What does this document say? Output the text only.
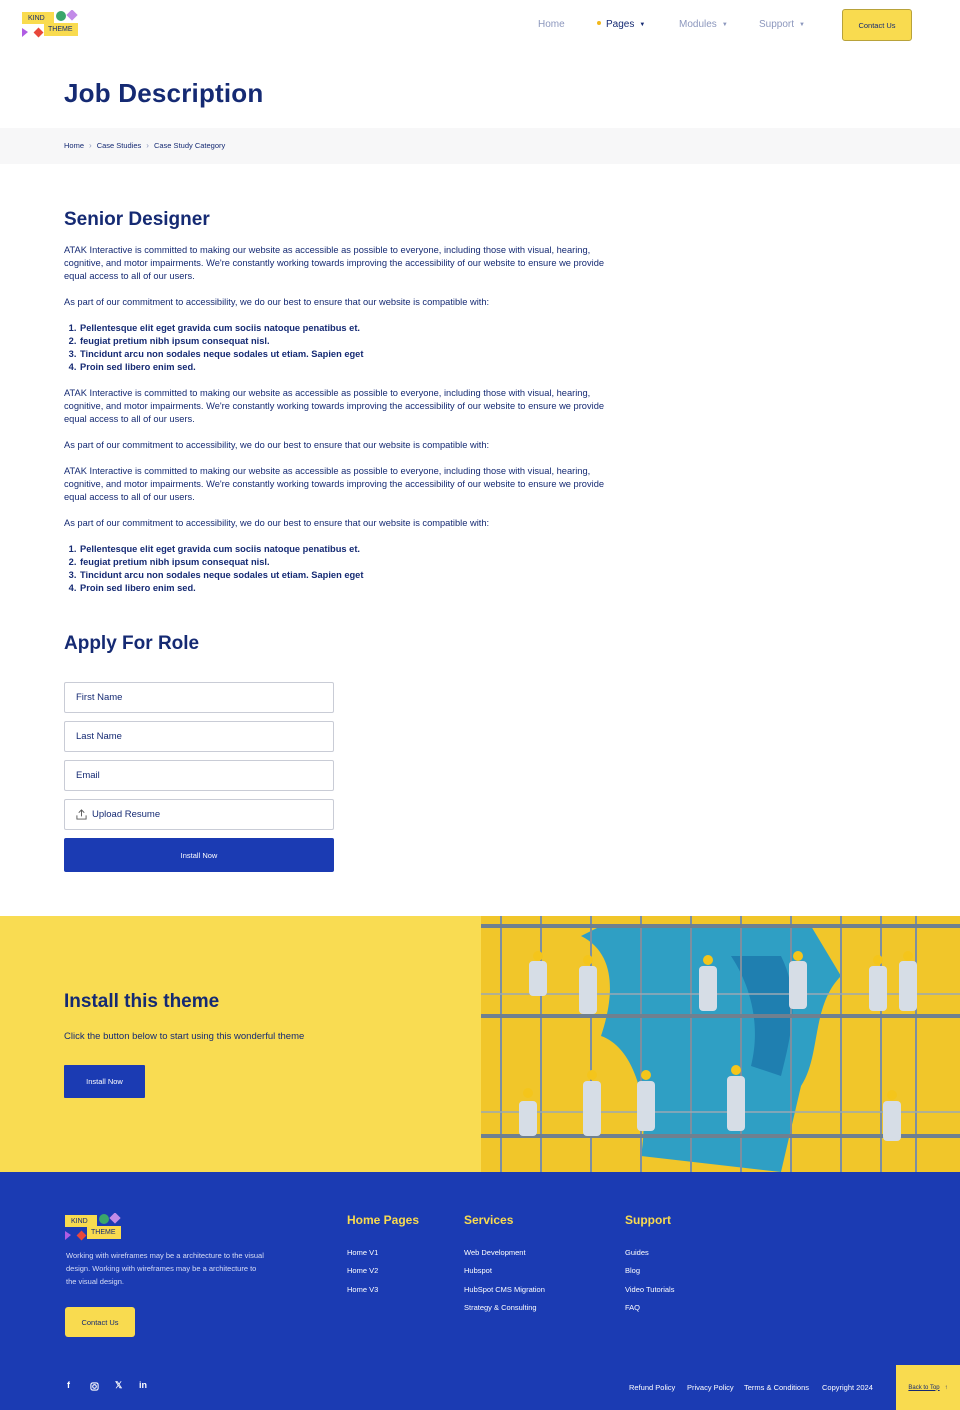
KIND
THEME	Home	Pages ▼	Modules ▼	Support ▼	Contact Us
Job Description
Home › Case Studies › Case Study Category
Senior Designer

ATAK Interactive is committed to making our website as accessible as possible to everyone, including those with visual, hearing, cognitive, and motor impairments. We're constantly working towards improving the accessibility of our website to ensure we provide equal access to all of our users.

As part of our commitment to accessibility, we do our best to ensure that our website is compatible with:

1. Pellentesque elit eget gravida cum sociis natoque penatibus et.
2. feugiat pretium nibh ipsum consequat nisl.
3. Tincidunt arcu non sodales neque sodales ut etiam. Sapien eget
4. Proin sed libero enim sed.

ATAK Interactive is committed to making our website as accessible as possible to everyone, including those with visual, hearing, cognitive, and motor impairments. We're constantly working towards improving the accessibility of our website to ensure we provide equal access to all of our users.

As part of our commitment to accessibility, we do our best to ensure that our website is compatible with:

ATAK Interactive is committed to making our website as accessible as possible to everyone, including those with visual, hearing, cognitive, and motor impairments. We're constantly working towards improving the accessibility of our website to ensure we provide equal access to all of our users.

As part of our commitment to accessibility, we do our best to ensure that our website is compatible with:

1. Pellentesque elit eget gravida cum sociis natoque penatibus et.
2. feugiat pretium nibh ipsum consequat nisl.
3. Tincidunt arcu non sodales neque sodales ut etiam. Sapien eget
4. Proin sed libero enim sed.
Apply For Role
First Name
Last Name
Email
Upload Resume
Install Now
Install this theme

Click the button below to start using this wonderful theme

Install Now
KIND
THEME

Working with wireframes may be a architecture to the visual design. Working with wireframes may be a architecture to the visual design.

Contact Us
Home Pages
Home V1
Home V2
Home V3
Services
Web Development
Hubspot
HubSpot CMS Migration
Strategy & Consulting
Support
Guides
Blog
Video Tutorials
FAQ
f	𝕏 in	Refund Policy Privacy Policy Terms & Conditions Copyright 2024	Back to Top ↑
